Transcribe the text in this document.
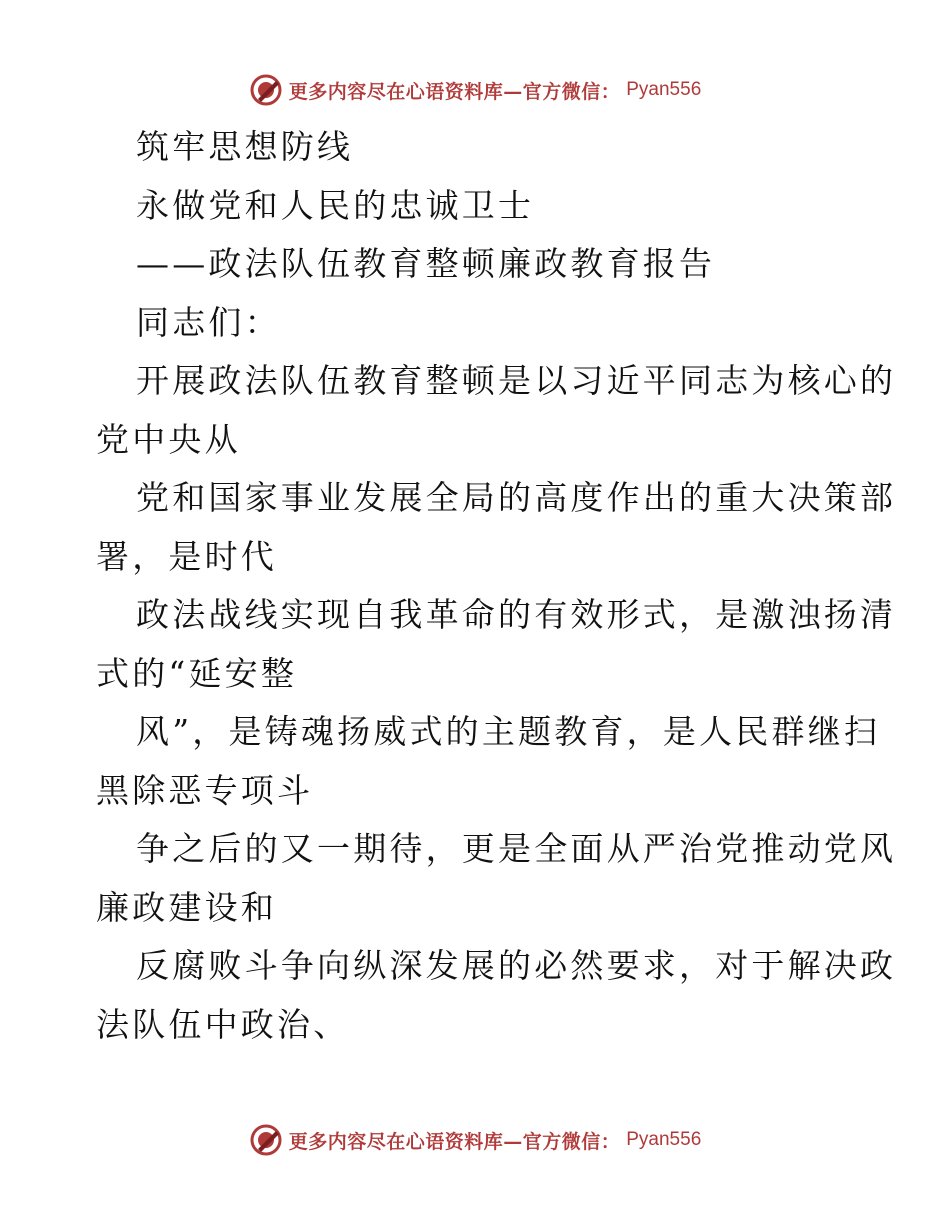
更多内容尽在心语资料库—官方微信： Pyan556
筑牢思想防线
永做党和人民的忠诚卫士
——政法队伍教育整顿廉政教育报告
同志们：
开展政法队伍教育整顿是以习近平同志为核心的
党中央从
党和国家事业发展全局的高度作出的重大决策部
署，是时代
政法战线实现自我革命的有效形式，是激浊扬清
式的“延安整
风”，是铸魂扬威式的主题教育，是人民群继扫
黑除恶专项斗
争之后的又一期待，更是全面从严治党推动党风
廉政建设和
反腐败斗争向纵深发展的必然要求，对于解决政
法队伍中政治、
更多内容尽在心语资料库—官方微信： Pyan556
